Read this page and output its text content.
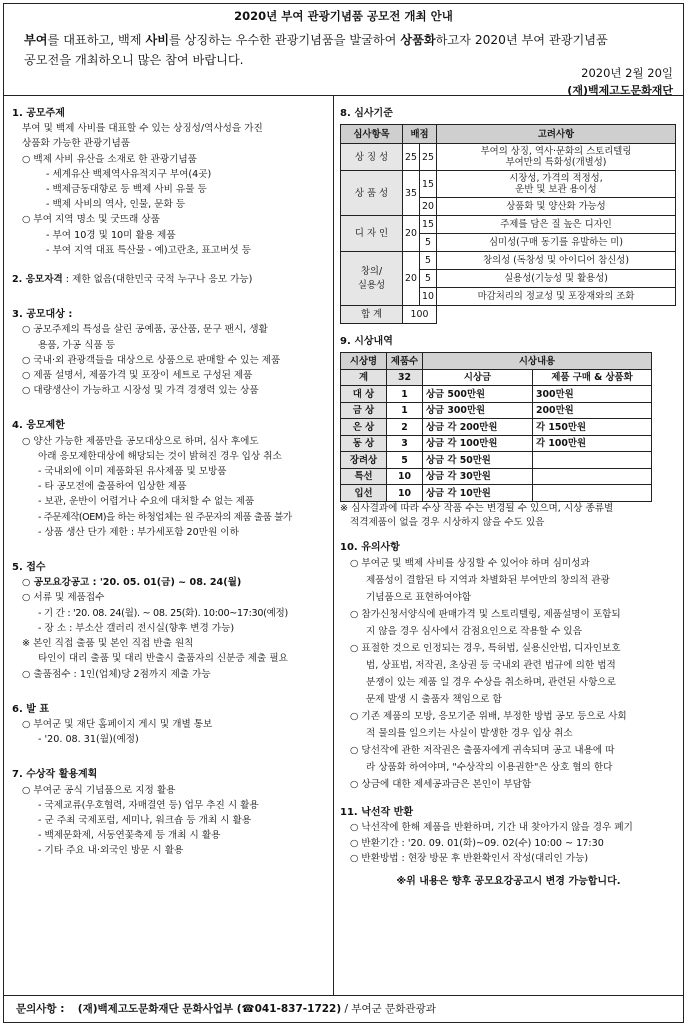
2020년 부여 관광기념품 공모전 개최 안내
부여를 대표하고, 백제 사비를 상징하는 우수한 관광기념품을 발굴하여 상품화하고자 2020년 부여 관광기념품
공모전을 개최하오니 많은 참여 바랍니다.
2020년 2월 20일
(재)백제고도문화재단
1. 공모주제
부여 및 백제 사비를 대표할 수 있는 상징성/역사성을 가진
상품화 가능한 관광기념품
○ 백제 사비 유산을 소재로 한 관광기념품
- 세계유산 백제역사유적지구 부여(4곳)
- 백제금동대향로 등 백제 사비 유물 등
- 백제 사비의 역사, 인물, 문화 등
○ 부여 지역 명소 및 굿뜨래 상품
- 부여 10경 및 10미 활용 제품
- 부여 지역 대표 특산물 - 예)고란초, 표고버섯 등
2. 응모자격 : 제한 없음(대한민국 국적 누구나 응모 가능)
3. 공모대상 :
○ 공모주제의 특성을 살린 공예품, 공산품, 문구 팬시, 생활
용품, 가공 식품 등
○ 국내·외 관광객들을 대상으로 상품으로 판매할 수 있는 제품
○ 제품 설명서, 제품가격 및 포장이 세트로 구성된 제품
○ 대량생산이 가능하고 시장성 및 가격 경쟁력 있는 상품
4. 응모제한
○ 양산 가능한 제품만을 공모대상으로 하며, 심사 후에도
아래 응모제한대상에 해당되는 것이 밝혀진 경우 입상 취소
- 국내외에 이미 제품화된 유사제품 및 모방품
- 타 공모전에 출품하여 입상한 제품
- 보관, 운반이 어렵거나 수요에 대처할 수 없는 제품
- 주문제작(OEM)을 하는 하청업체는 원 주문자의 제품 출품 불가
- 상품 생산 단가 제한 : 부가세포함 20만원 이하
5. 접수
○ 공모요강공고 : '20. 05. 01(금) ~ 08. 24(월)
○ 서류 및 제품접수
- 기 간 : '20. 08. 24(월). ~ 08. 25(화). 10:00~17:30(예정)
- 장 소 : 부소산 갤러리 전시실(향후 변경 가능)
※ 본인 직접 출품 및 본인 직접 반출 원칙
타인이 대리 출품 및 대리 반출시 출품자의 신분증 제출 필요
○ 출품점수 : 1인(업체)당 2점까지 제출 가능
6. 발 표
○ 부여군 및 재단 홈페이지 게시 및 개별 통보
- '20. 08. 31(월)(예정)
7. 수상작 활용계획
○ 부여군 공식 기념품으로 지정 활용
- 국제교류(우호협력, 자매결연 등) 업무 추진 시 활용
- 군 주최 국제포럼, 세미나, 워크숍 등 개최 시 활용
- 백제문화제, 서동연꽃축제 등 개최 시 활용
- 기타 주요 내·외국인 방문 시 활용
8. 심사기준
심사항목	배점		고려사항
상 징 성	25	25	부여의 상징, 역사·문화의 스토리텔링
부여만의 특화성(개별성)

상 품 성	35	15	시장성, 가격의 적정성,
운반 및 보관 용이성

		20	상품화 및 양산화 가능성
디 자 인	20	15	주제를 담은 질 높은 디자인
		5	심미성(구매 동기를 유발하는 미)

창의/
실용성	20	5	창의성 (독창성 및 아이디어 참신성)
		5	실용성(기능성 및 활용성)
		10	마감처리의 정교성 및 포장재와의 조화
합 계	100		
9. 시상내역
시상명	제품수	시상내용	
계	32	시상금	제품 구매 & 상품화
대 상	1	상금 500만원	300만원
금 상	1	상금 300만원	200만원
은 상	2	상금 각 200만원	각 150만원
동 상	3	상금 각 100만원	각 100만원
장려상	5	상금 각 50만원	
특선	10	상금 각 30만원	
입선	10	상금 각 10만원	
※ 심사결과에 따라 수상 작품 수는 변경될 수 있으며, 시상 종류별
적격제품이 없을 경우 시상하지 않을 수도 있음
10. 유의사항
○ 부여군 및 백제 사비를 상징할 수 있어야 하며 심미성과
제품성이 결합된 타 지역과 차별화된 부여만의 창의적 관광
기념품으로 표현하여야함
○ 참가신청서양식에 판매가격 및 스토리텔링, 제품설명이 포함되
지 않을 경우 심사에서 감점요인으로 작용할 수 있음
○ 표절한 것으로 인정되는 경우, 특허법, 실용신안법, 디자인보호
법, 상표법, 저작권, 초상권 등 국내외 관련 법규에 의한 법적
분쟁이 있는 제품 일 경우 수상을 취소하며, 관련된 사항으로
문제 발생 시 출품자 책임으로 함
○ 기존 제품의 모방, 응모기준 위배, 부정한 방법 공모 등으로 사회
적 물의를 일으키는 사실이 발생한 경우 입상 취소
○ 당선작에 관한 저작권은 출품자에게 귀속되며 공고 내용에 따
라 상품화 하여야며, "수상작의 이용권한"은 상호 협의 한다
○ 상금에 대한 제세공과금은 본인이 부담함
11. 낙선작 반환
○ 낙선작에 한해 제품을 반환하며, 기간 내 찾아가지 않을 경우 폐기
○ 반환기간 : '20. 09. 01(화)~09. 02(수) 10:00 ~ 17:30
○ 반환방법 : 현장 방문 후 반환확인서 작성(대리인 가능)
※위 내용은 향후 공모요강공고시 변경 가능합니다.
문의사항 : (재)백제고도문화재단 문화사업부 (☎041-837-1722) / 부여군 문화관광과
